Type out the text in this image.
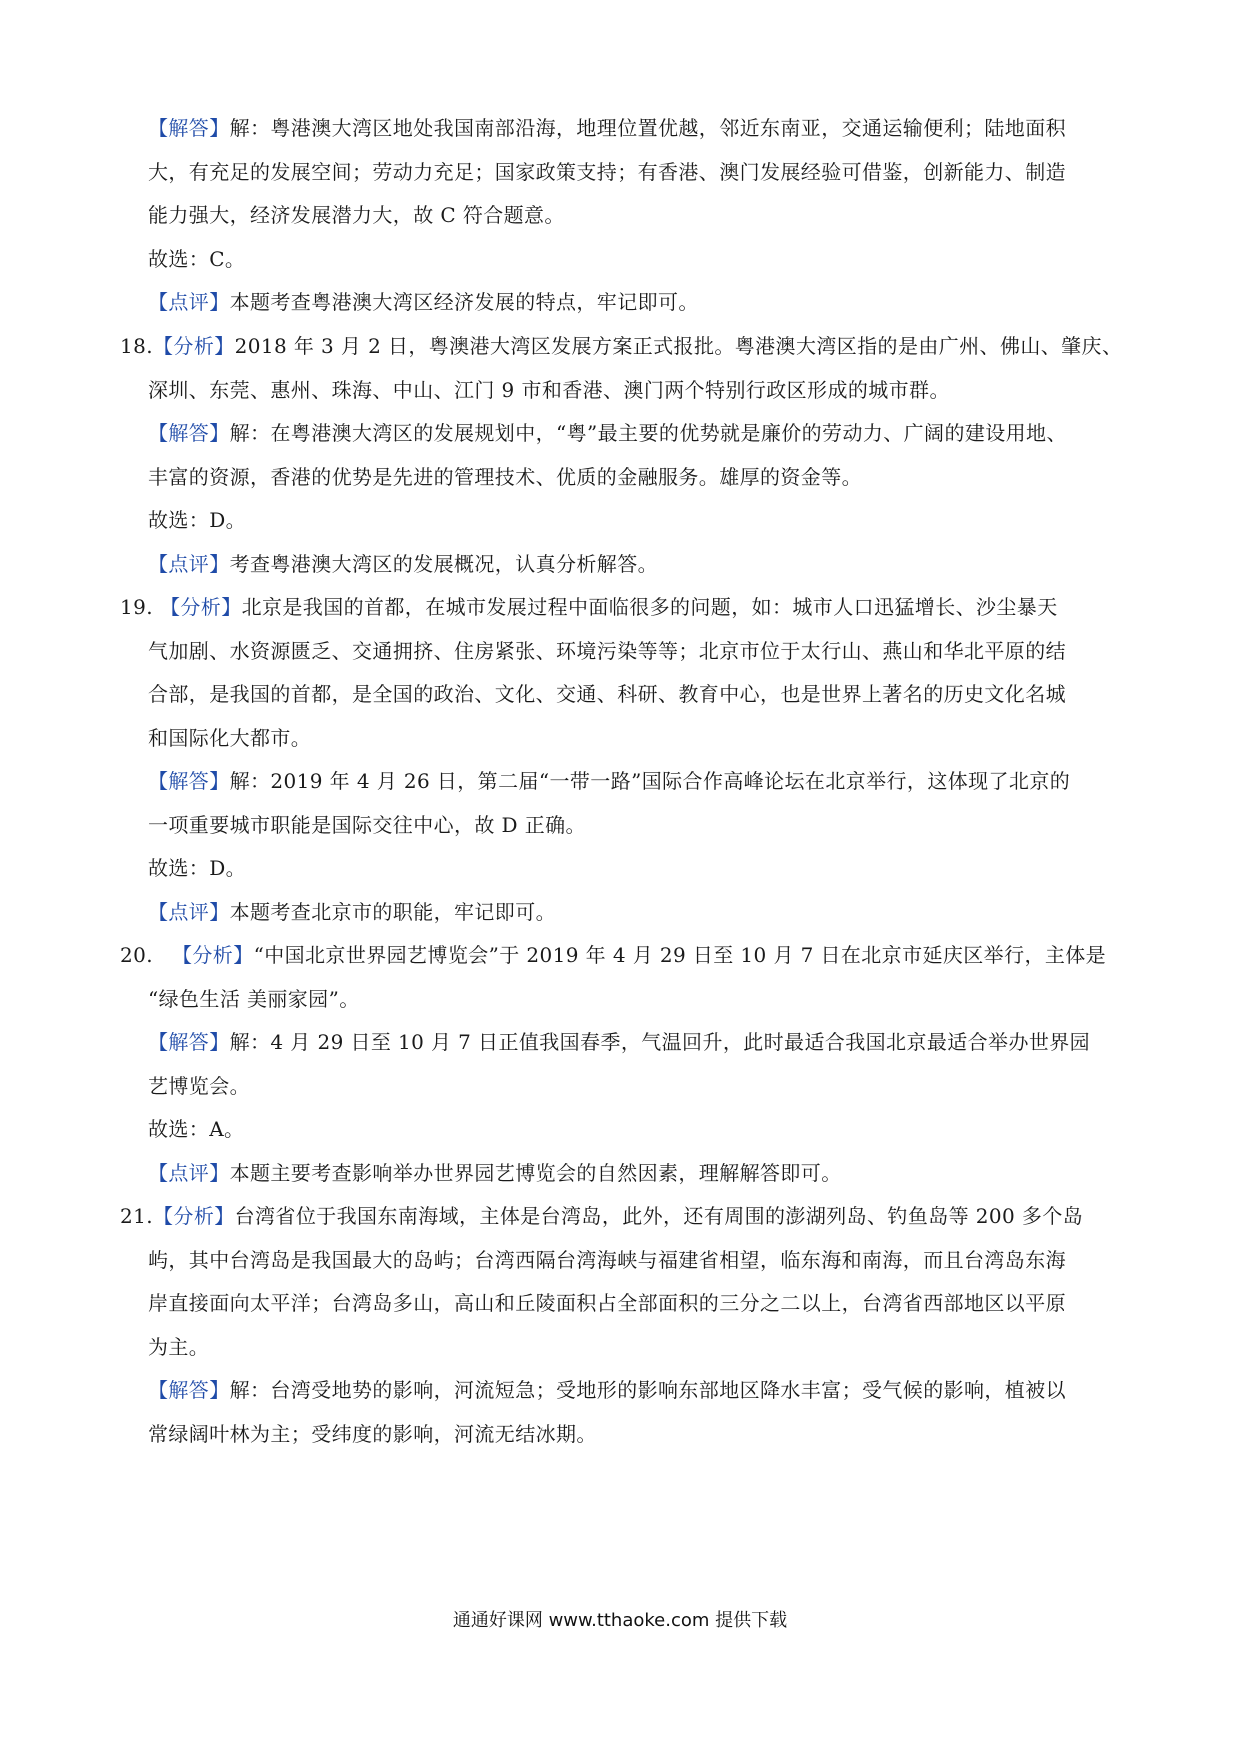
【解答】解：粤港澳大湾区地处我国南部沿海，地理位置优越，邻近东南亚，交通运输便利；陆地面积
大，有充足的发展空间；劳动力充足；国家政策支持；有香港、澳门发展经验可借鉴，创新能力、制造
能力强大，经济发展潜力大，故 C 符合题意。
故选：C。
【点评】本题考查粤港澳大湾区经济发展的特点，牢记即可。
18.【分析】2018 年 3 月 2 日，粤澳港大湾区发展方案正式报批。粤港澳大湾区指的是由广州、佛山、肇庆、
深圳、东莞、惠州、珠海、中山、江门 9 市和香港、澳门两个特别行政区形成的城市群。
【解答】解：在粤港澳大湾区的发展规划中，“粤”最主要的优势就是廉价的劳动力、广阔的建设用地、
丰富的资源，香港的优势是先进的管理技术、优质的金融服务。雄厚的资金等。
故选：D。
【点评】考查粤港澳大湾区的发展概况，认真分析解答。
19. 【分析】北京是我国的首都，在城市发展过程中面临很多的问题，如：城市人口迅猛增长、沙尘暴天
气加剧、水资源匮乏、交通拥挤、住房紧张、环境污染等等；北京市位于太行山、燕山和华北平原的结
合部，是我国的首都，是全国的政治、文化、交通、科研、教育中心，也是世界上著名的历史文化名城
和国际化大都市。
【解答】解：2019 年 4 月 26 日，第二届“一带一路”国际合作高峰论坛在北京举行，这体现了北京的
一项重要城市职能是国际交往中心，故 D 正确。
故选：D。
【点评】本题考查北京市的职能，牢记即可。
20. 【分析】“中国北京世界园艺博览会”于 2019 年 4 月 29 日至 10 月 7 日在北京市延庆区举行，主体是
“绿色生活 美丽家园”。
【解答】解：4 月 29 日至 10 月 7 日正值我国春季，气温回升，此时最适合我国北京最适合举办世界园
艺博览会。
故选：A。
【点评】本题主要考查影响举办世界园艺博览会的自然因素，理解解答即可。
21.【分析】台湾省位于我国东南海域，主体是台湾岛，此外，还有周围的澎湖列岛、钓鱼岛等 200 多个岛
屿，其中台湾岛是我国最大的岛屿；台湾西隔台湾海峡与福建省相望，临东海和南海，而且台湾岛东海
岸直接面向太平洋；台湾岛多山，高山和丘陵面积占全部面积的三分之二以上，台湾省西部地区以平原
为主。
【解答】解：台湾受地势的影响，河流短急；受地形的影响东部地区降水丰富；受气候的影响，植被以
常绿阔叶林为主；受纬度的影响，河流无结冰期。
通通好课网 www.tthaoke.com 提供下载
